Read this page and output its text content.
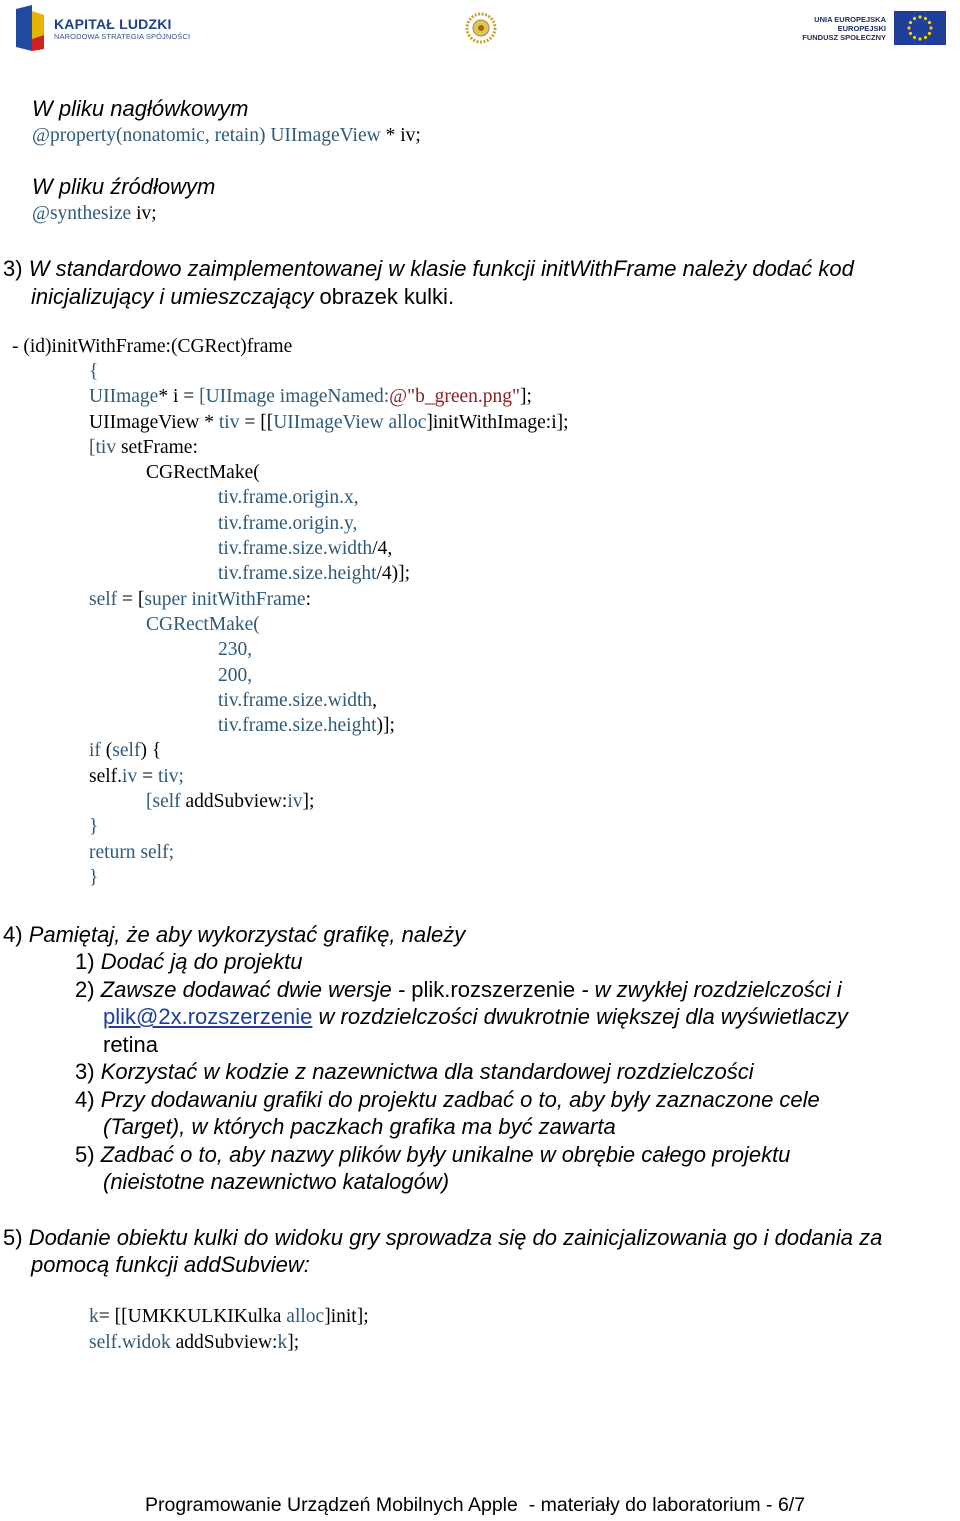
KAPITAŁ LUDZKI
NARODOWA STRATEGIA SPÓJNOŚCI
UNIA EUROPEJSKA
EUROPEJSKI
FUNDUSZ SPOŁECZNY
W pliku nagłówkowym
@property(nonatomic, retain) UIImageView * iv;
W pliku źródłowym
@synthesize iv;
3) W standardowo zaimplementowanej w klasie funkcji initWithFrame należy dodać kod
inicjalizujący i umieszczający obrazek kulki.
- (id)initWithFrame:(CGRect)frame
{
UIImage* i = [UIImage imageNamed:@"b_green.png"];
UIImageView * tiv = [[UIImageView alloc]initWithImage:i];
[tiv setFrame:
CGRectMake(
tiv.frame.origin.x,
tiv.frame.origin.y,
tiv.frame.size.width/4,
tiv.frame.size.height/4)];
self = [super initWithFrame:
CGRectMake(
230,
200,
tiv.frame.size.width,
tiv.frame.size.height)];
if (self) {
self.iv = tiv;
[self addSubview:iv];
}
return self;
}
4) Pamiętaj, że aby wykorzystać grafikę, należy
1) Dodać ją do projektu
2) Zawsze dodawać dwie wersje - plik.rozszerzenie - w zwykłej rozdzielczości i
plik@2x.rozszerzenie w rozdzielczości dwukrotnie większej dla wyświetlaczy
retina
3) Korzystać w kodzie z nazewnictwa dla standardowej rozdzielczości
4) Przy dodawaniu grafiki do projektu zadbać o to, aby były zaznaczone cele
(Target), w których paczkach grafika ma być zawarta
5) Zadbać o to, aby nazwy plików były unikalne w obrębie całego projektu
(nieistotne nazewnictwo katalogów)
5) Dodanie obiektu kulki do widoku gry sprowadza się do zainicjalizowania go i dodania za
pomocą funkcji addSubview:
k= [[UMKKULKIKulka alloc]init];
self.widok addSubview:k];
Programowanie Urządzeń Mobilnych Apple  - materiały do laboratorium - 6/7
